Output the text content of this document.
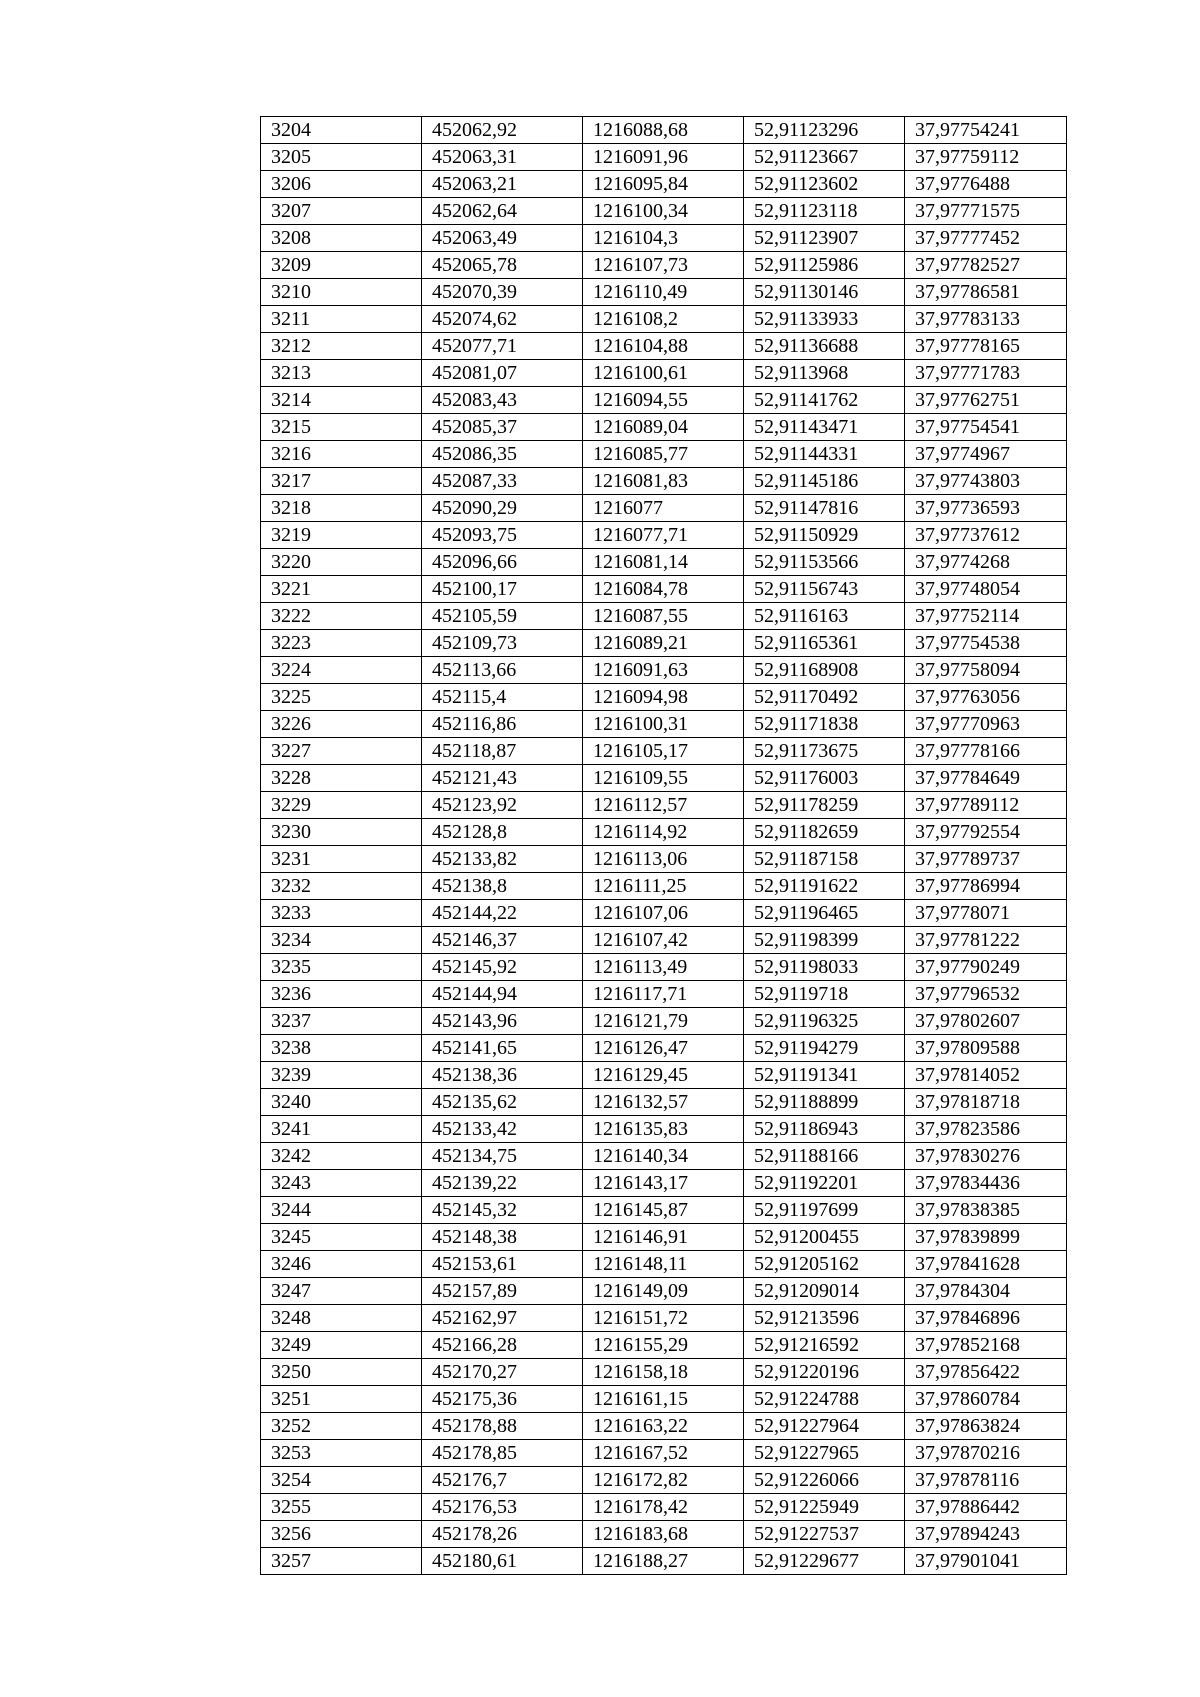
3204	452062,92	1216088,68	52,91123296	37,97754241
3205	452063,31	1216091,96	52,91123667	37,97759112
3206	452063,21	1216095,84	52,91123602	37,9776488
3207	452062,64	1216100,34	52,91123118	37,97771575
3208	452063,49	1216104,3	52,91123907	37,97777452
3209	452065,78	1216107,73	52,91125986	37,97782527
3210	452070,39	1216110,49	52,91130146	37,97786581
3211	452074,62	1216108,2	52,91133933	37,97783133
3212	452077,71	1216104,88	52,91136688	37,97778165
3213	452081,07	1216100,61	52,9113968	37,97771783
3214	452083,43	1216094,55	52,91141762	37,97762751
3215	452085,37	1216089,04	52,91143471	37,97754541
3216	452086,35	1216085,77	52,91144331	37,9774967
3217	452087,33	1216081,83	52,91145186	37,97743803
3218	452090,29	1216077	52,91147816	37,97736593
3219	452093,75	1216077,71	52,91150929	37,97737612
3220	452096,66	1216081,14	52,91153566	37,9774268
3221	452100,17	1216084,78	52,91156743	37,97748054
3222	452105,59	1216087,55	52,9116163	37,97752114
3223	452109,73	1216089,21	52,91165361	37,97754538
3224	452113,66	1216091,63	52,91168908	37,97758094
3225	452115,4	1216094,98	52,91170492	37,97763056
3226	452116,86	1216100,31	52,91171838	37,97770963
3227	452118,87	1216105,17	52,91173675	37,97778166
3228	452121,43	1216109,55	52,91176003	37,97784649
3229	452123,92	1216112,57	52,91178259	37,97789112
3230	452128,8	1216114,92	52,91182659	37,97792554
3231	452133,82	1216113,06	52,91187158	37,97789737
3232	452138,8	1216111,25	52,91191622	37,97786994
3233	452144,22	1216107,06	52,91196465	37,9778071
3234	452146,37	1216107,42	52,91198399	37,97781222
3235	452145,92	1216113,49	52,91198033	37,97790249
3236	452144,94	1216117,71	52,9119718	37,97796532
3237	452143,96	1216121,79	52,91196325	37,97802607
3238	452141,65	1216126,47	52,91194279	37,97809588
3239	452138,36	1216129,45	52,91191341	37,97814052
3240	452135,62	1216132,57	52,91188899	37,97818718
3241	452133,42	1216135,83	52,91186943	37,97823586
3242	452134,75	1216140,34	52,91188166	37,97830276
3243	452139,22	1216143,17	52,91192201	37,97834436
3244	452145,32	1216145,87	52,91197699	37,97838385
3245	452148,38	1216146,91	52,91200455	37,97839899
3246	452153,61	1216148,11	52,91205162	37,97841628
3247	452157,89	1216149,09	52,91209014	37,9784304
3248	452162,97	1216151,72	52,91213596	37,97846896
3249	452166,28	1216155,29	52,91216592	37,97852168
3250	452170,27	1216158,18	52,91220196	37,97856422
3251	452175,36	1216161,15	52,91224788	37,97860784
3252	452178,88	1216163,22	52,91227964	37,97863824
3253	452178,85	1216167,52	52,91227965	37,97870216
3254	452176,7	1216172,82	52,91226066	37,97878116
3255	452176,53	1216178,42	52,91225949	37,97886442
3256	452178,26	1216183,68	52,91227537	37,97894243
3257	452180,61	1216188,27	52,91229677	37,97901041
